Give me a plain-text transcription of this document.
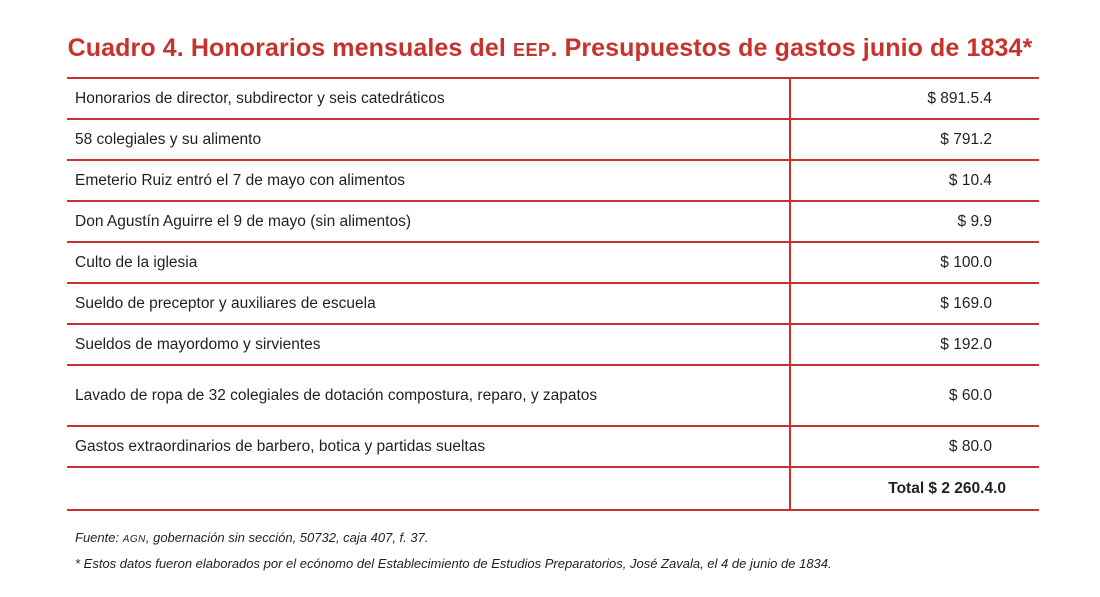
Cuadro 4. Honorarios mensuales del EEP. Presupuestos de gastos junio de 1834*
Honorarios de director, subdirector y seis catedráticos	$ 891.5.4
58 colegiales y su alimento	$ 791.2
Emeterio Ruiz entró el 7 de mayo con alimentos	$ 10.4
Don Agustín Aguirre el 9 de mayo (sin alimentos)	$ 9.9
Culto de la iglesia	$ 100.0
Sueldo de preceptor y auxiliares de escuela	$ 169.0
Sueldos de mayordomo y sirvientes	$ 192.0
Lavado de ropa de 32 colegiales de dotación compostura, reparo, y zapatos	$ 60.0
Gastos extraordinarios de barbero, botica y partidas sueltas	$ 80.0
	Total $ 2 260.4.0
Fuente: AGN, gobernación sin sección, 50732, caja 407, f. 37.
* Estos datos fueron elaborados por el ecónomo del Establecimiento de Estudios Preparatorios, José Zavala, el 4 de junio de 1834.
